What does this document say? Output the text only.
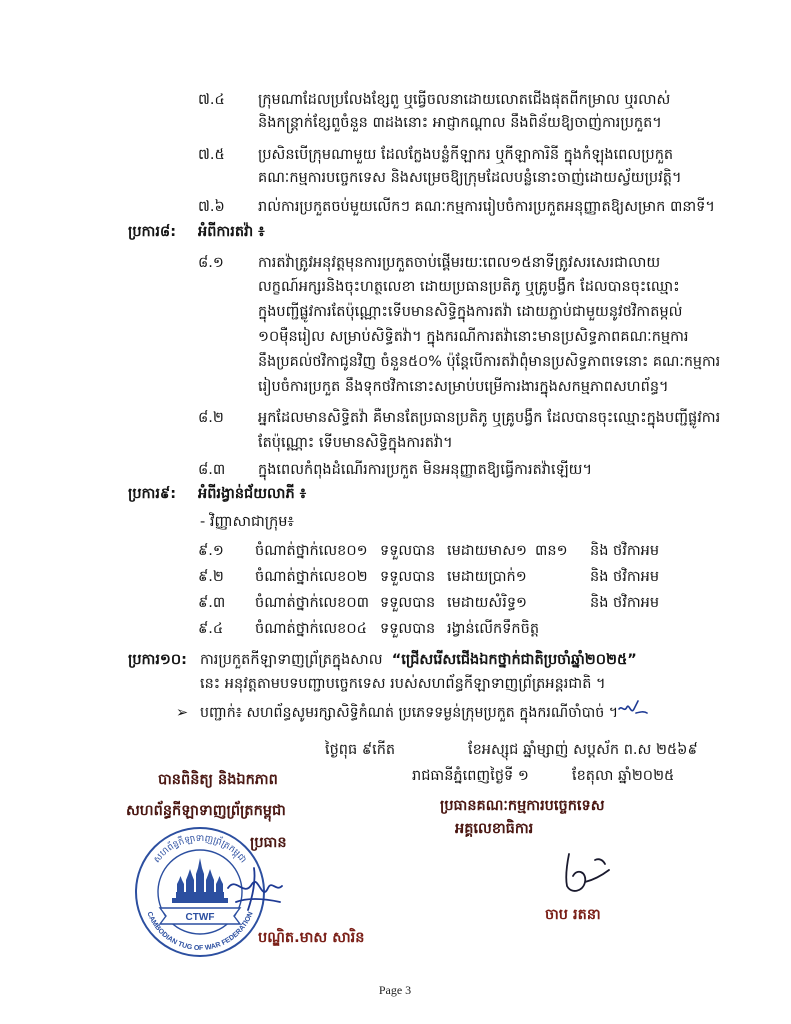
៧.៤	ក្រុមណាដែលប្រលែងខ្សែពួ ឬធ្វើចលនាដោយលោតជើងផុតពីកម្រាល ឬរលាស់
និងកន្ត្រាក់ខ្សែពួចំនួន ៣ដងនោះ អាជ្ញាកណ្តាល នឹងពិន័យឱ្យចាញ់ការប្រកួត។
៧.៥	ប្រសិនបើក្រុមណាមួយ ដែលក្លែងបន្លំកីឡាករ ឬកីឡាការិនី ក្នុងកំឡុងពេលប្រកួត
គណៈកម្មការបច្ចេកទេស និងសម្រេចឱ្យក្រុមដែលបន្លំនោះចាញ់ដោយស្វ័យប្រវត្តិ។
៧.៦	រាល់ការប្រកួតចប់មួយលើកៗ គណៈកម្មការរៀបចំការប្រកួតអនុញ្ញាតឱ្យសម្រាក ៣នាទី។
ប្រការ៨:	អំពីការតវ៉ា ៖
៨.១	ការតវ៉ាត្រូវអនុវត្តមុនការប្រកួតចាប់ផ្តើមរយៈពេល១៥នាទីត្រូវសរសេរជាលាយ
លក្ខណ៍អក្សរនិងចុះហត្ថលេខា ដោយប្រធានប្រតិភូ ឬគ្រូបង្វឹក ដែលបានចុះឈ្មោះ
ក្នុងបញ្ជីផ្លូវការតែប៉ុណ្ណោះទើបមានសិទ្ធិក្នុងការតវ៉ា ដោយភ្ជាប់ជាមួយនូវថវិកាតម្កល់
១០ម៉ឺនរៀល សម្រាប់សិទ្ធិតវ៉ា។ ក្នុងករណីការតវ៉ានោះមានប្រសិទ្ធភាពគណៈកម្មការ
នឹងប្រគល់ថវិកាជូនវិញ ចំនួន៥០% ប៉ុន្តែបើការតវ៉ាពុំមានប្រសិទ្ធភាពទេនោះ គណៈកម្មការ
រៀបចំការប្រកួត នឹងទុកថវិកានោះសម្រាប់បម្រើការងារក្នុងសកម្មភាពសហព័ន្ធ។
៨.២	អ្នកដែលមានសិទ្ធិតវ៉ា គឺមានតែប្រធានប្រតិភូ ឬគ្រូបង្វឹក ដែលបានចុះឈ្មោះក្នុងបញ្ជីផ្លូវការ
តែប៉ុណ្ណោះ ទើបមានសិទ្ធិក្នុងការតវ៉ា។
៨.៣	ក្នុងពេលកំពុងដំណើរការប្រកួត មិនអនុញ្ញាតឱ្យធ្វើការតវ៉ាឡើយ។
ប្រការ៩:	អំពីរង្វាន់ជ័យលាភី ៖
- វិញ្ញាសាជាក្រុម៖
៩.១	ចំណាត់ថ្នាក់លេខ០១ ទទួលបាន មេដាយមាស១ ៣ន១	និង ថវិកាអម
៩.២	ចំណាត់ថ្នាក់លេខ០២ ទទួលបាន មេដាយប្រាក់១	និង ថវិកាអម
៩.៣	ចំណាត់ថ្នាក់លេខ០៣ ទទួលបាន មេដាយសំរិទ្ធ១	និង ថវិកាអម
៩.៤	ចំណាត់ថ្នាក់លេខ០៤ ទទួលបាន រង្វាន់លើកទឹកចិត្ត
ប្រការ១០: ការប្រកួតកីឡាទាញព្រ័ត្រក្នុងសាល “ជ្រើសរើសជើងឯកថ្នាក់ជាតិប្រចាំឆ្នាំ២០២៥”
នេះ អនុវត្តតាមបទបញ្ជាបច្ចេកទេស របស់សហព័ន្ធកីឡាទាញព្រ័ត្រអន្តរជាតិ ។
➢ បញ្ជាក់៖ សហព័ន្ធសូមរក្សាសិទ្ធិកំណត់ ប្រភេទទម្ងន់ក្រុមប្រកួត ក្នុងករណីចាំបាច់ ។
ថ្ងៃពុធ ៩កើត	ខែអស្សុជ ឆ្នាំម្សាញ់ សប្តស័ក ព.ស ២៥៦៩
រាជធានីភ្នំពេញថ្ងៃទី ១	ខែតុលា ឆ្នាំ២០២៥
បានពិនិត្យ និងឯកភាព
សហព័ន្ធកីឡាទាញព្រ័ត្រកម្ពុជា
ប្រធាន
សហព័ន្ធកីឡាទាញព្រ័ត្រកម្ពុជា
CAMBODIAN TUG OF WAR FEDERATION
CTWF
បណ្ឌិត.មាស សារិន
ប្រធានគណៈកម្មការបច្ចេកទេស
អគ្គលេខាធិការ
ចាប រតនា
Page 3
